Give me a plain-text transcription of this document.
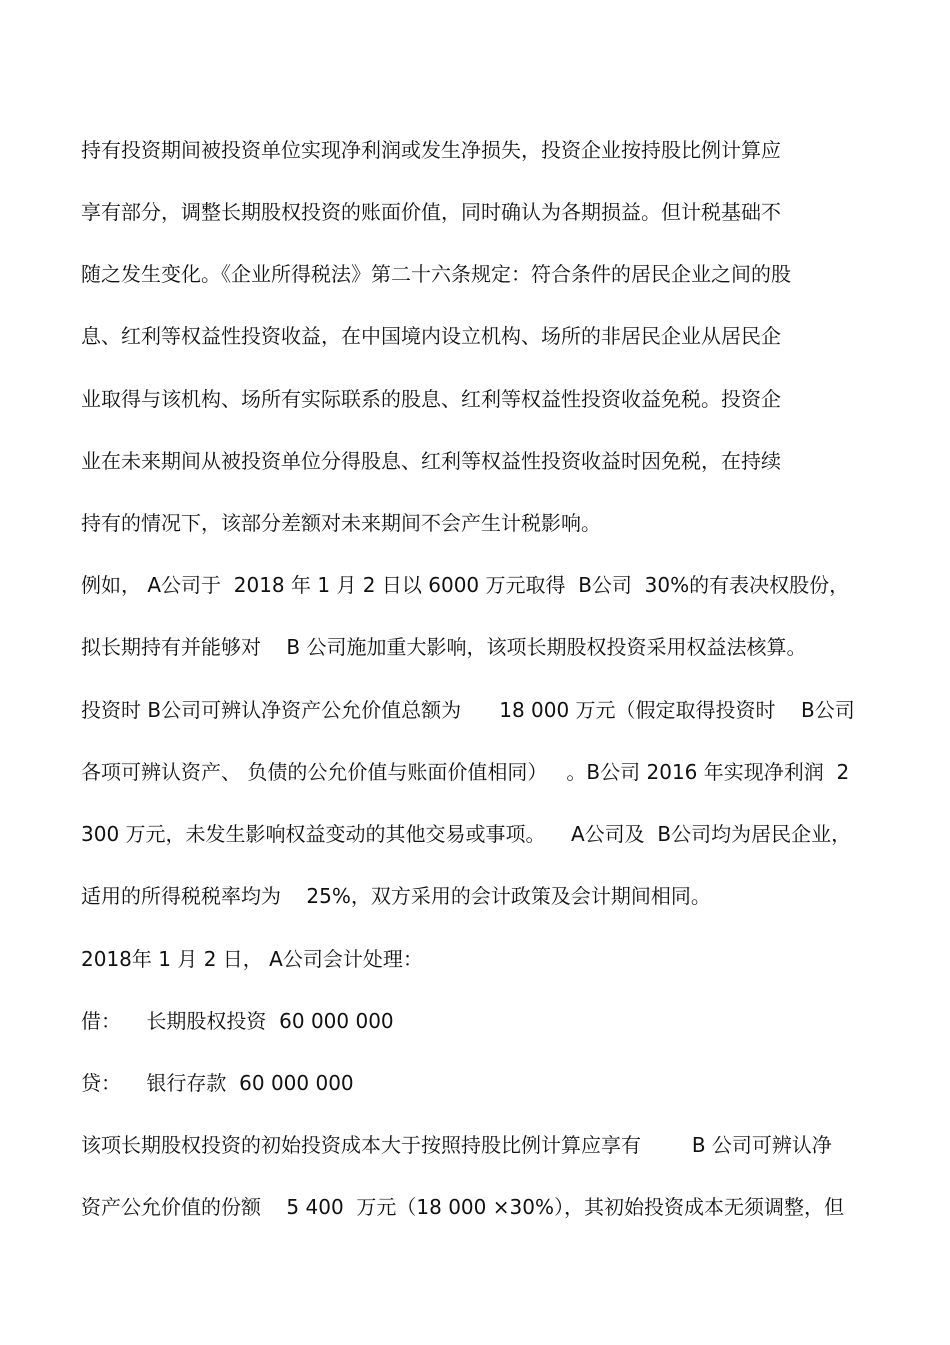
持有投资期间被投资单位实现净利润或发生净损失，投资企业按持股比例计算应
享有部分，调整长期股权投资的账面价值，同时确认为各期损益。但计税基础不
随之发生变化。《企业所得税法》第二十六条规定：符合条件的居民企业之间的股
息、红利等权益性投资收益，在中国境内设立机构、场所的非居民企业从居民企
业取得与该机构、场所有实际联系的股息、红利等权益性投资收益免税。投资企
业在未来期间从被投资单位分得股息、红利等权益性投资收益时因免税，在持续
持有的情况下，该部分差额对未来期间不会产生计税影响。
例如， A公司于  2018 年 1 月 2 日以 6000 万元取得  B公司  30%的有表决权股份，
拟长期持有并能够对    B 公司施加重大影响，该项长期股权投资采用权益法核算。
投资时 B公司可辨认净资产公允价值总额为      18 000 万元（假定取得投资时    B公司
各项可辨认资产、 负债的公允价值与账面价值相同）   。B公司 2016 年实现净利润  2
300 万元，未发生影响权益变动的其他交易或事项。    A公司及  B公司均为居民企业，
适用的所得税税率均为    25%，双方采用的会计政策及会计期间相同。
2018年 1 月 2 日， A公司会计处理：
借：    长期股权投资  60 000 000
贷：    银行存款  60 000 000
该项长期股权投资的初始投资成本大于按照持股比例计算应享有        B 公司可辨认净
资产公允价值的份额    5 400  万元（18 000 ×30%），其初始投资成本无须调整，但
